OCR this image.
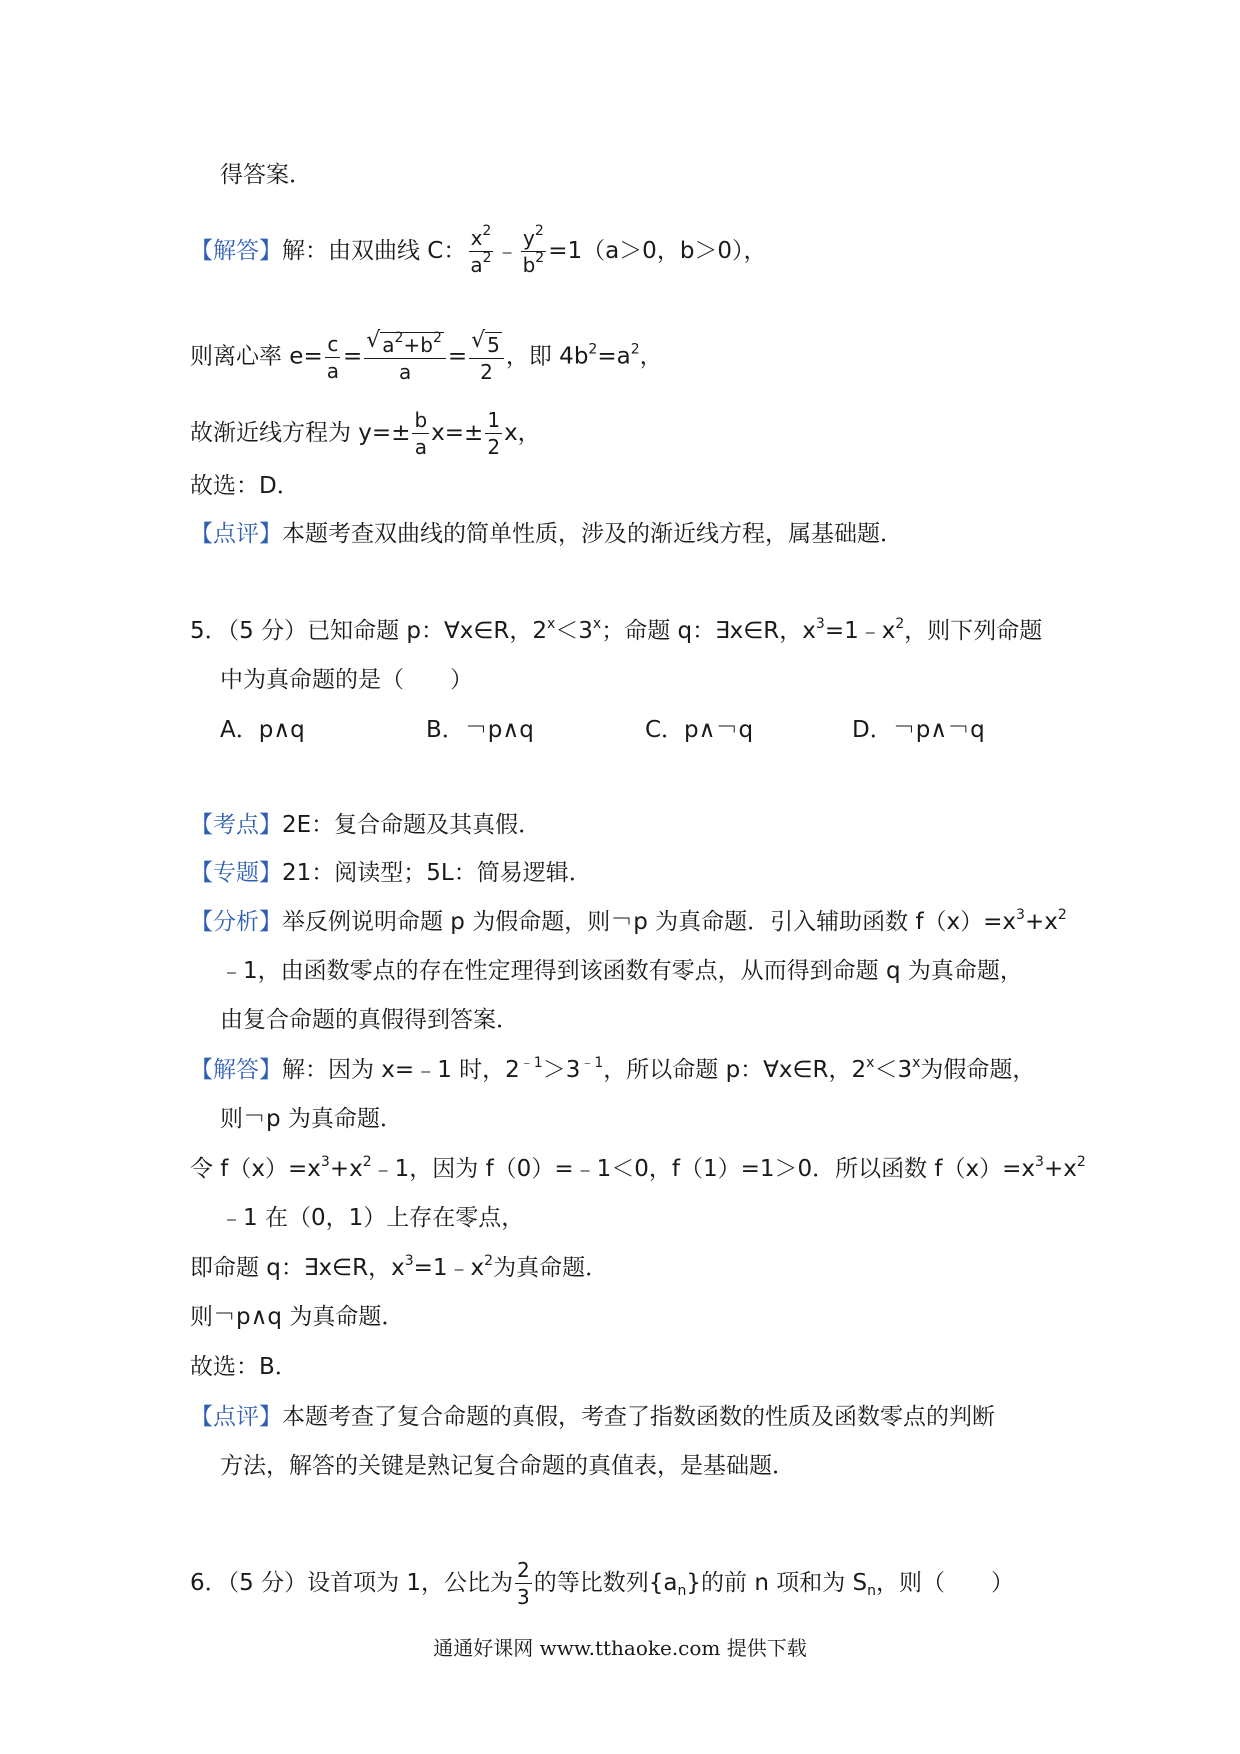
得答案．
【解答】解：由双曲线 C： $\frac{x^2}{a^2}$ ﹣ $\frac{y^2}{b^2} =1(a>0$，b＞0），
则离心率 $e= \frac{c}{a} = \frac{√ a^2+b^2}{a} = \frac{√ 5}{2}$ ，即 $4b^2=a^2$，
故渐近线方程为 $y=\pm \frac{b}{a} x=\pm \frac{1}{2}$ x，
故选：D．
【点评】本题考查双曲线的简单性质，涉及的渐近线方程，属基础题．
5．（5 分）已知命题 p：∀x∈R，$2^x<3^x$；命题 q：∃x∈R，$x^3=1﹣x^2$，则下列命题
中为真命题的是（　　）
A．p∧q	B．￢p∧q	C．p∧￢q	D．￢p∧￢q
【考点】2E：复合命题及其真假．
【专题】21：阅读型；5L：简易逻辑．
【分析】举反例说明命题 p 为假命题，则￢p 为真命题．引入辅助函数 $f(x)=x^3+x^2$
﹣1，由函数零点的存在性定理得到该函数有零点，从而得到命题 q 为真命题，
由复合命题的真假得到答案．
【解答】解：因为 x=﹣1 时，$2^{﹣1}>3^{﹣1}$，所以命题 p：∀x∈R，$2^x<3^x$为假命题，
则￢p 为真命题．
令 $f(x)=x^3+x^2﹣1$，因为 f（0）=﹣1＜0，f（1）=1＞0．所以函数 $f(x)=x^3+x^2$
﹣1 在（0，1）上存在零点，
即命题 q：∃x∈R，$x^3=1﹣x^2$为真命题．
则￢p∧q 为真命题．
故选：B．
【点评】本题考查了复合命题的真假，考查了指数函数的性质及函数零点的判断
方法，解答的关键是熟记复合命题的真值表，是基础题．
6．（5 分）设首项为 1，公比为 $\frac{2}{3}$ 的等比数列$\{a_n\}$的前 n 项和为 $S_n$，则（　　）
通通好课网 www.tthaoke.com 提供下载
